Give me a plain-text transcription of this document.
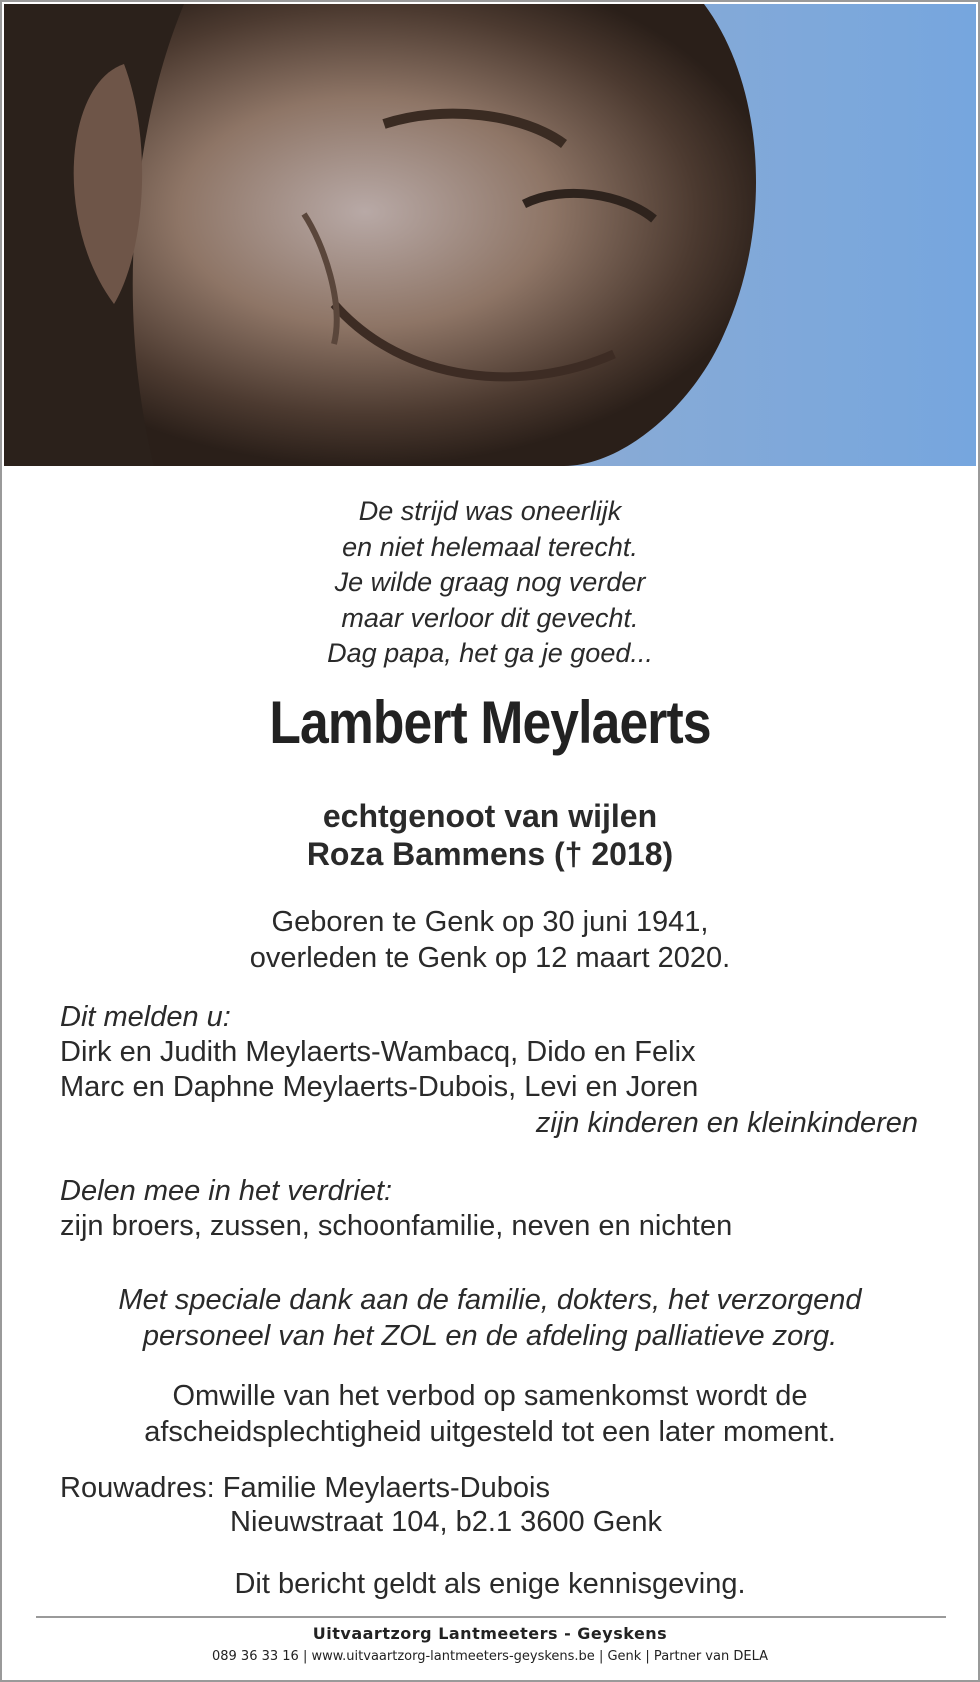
De strijd was oneerlijk
en niet helemaal terecht.
Je wilde graag nog verder
maar verloor dit gevecht.
Dag papa, het ga je goed...
Lambert Meylaerts
echtgenoot van wijlen
Roza Bammens († 2018)
Geboren te Genk op 30 juni 1941,
overleden te Genk op 12 maart 2020.
Dit melden u:
Dirk en Judith Meylaerts-Wambacq, Dido en Felix
Marc en Daphne Meylaerts-Dubois, Levi en Joren
zijn kinderen en kleinkinderen
Delen mee in het verdriet:
zijn broers, zussen, schoonfamilie, neven en nichten
Met speciale dank aan de familie, dokters, het verzorgend
personeel van het ZOL en de afdeling palliatieve zorg.
Omwille van het verbod op samenkomst wordt de
afscheidsplechtigheid uitgesteld tot een later moment.
Rouwadres: Familie Meylaerts-Dubois
Nieuwstraat 104, b2.1 3600 Genk
Dit bericht geldt als enige kennisgeving.
Uitvaartzorg Lantmeeters - Geyskens
089 36 33 16 | www.uitvaartzorg-lantmeeters-geyskens.be | Genk | Partner van DELA
